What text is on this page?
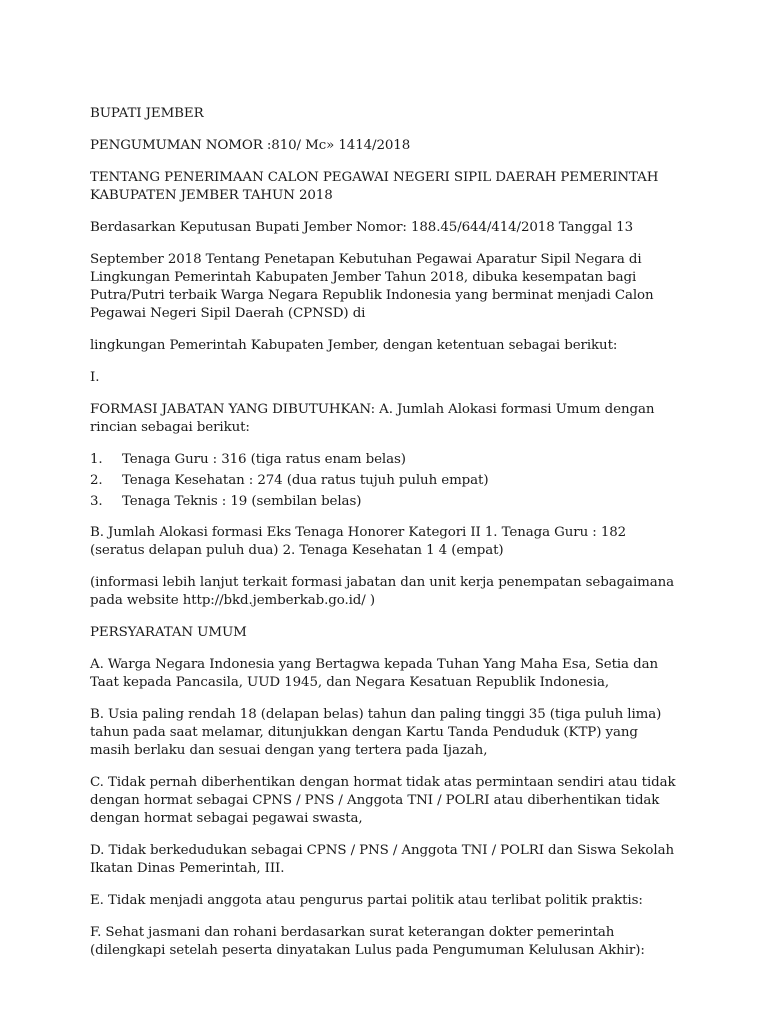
BUPATI JEMBER

PENGUMUMAN NOMOR :810/ Mc» 1414/2018

TENTANG PENERIMAAN CALON PEGAWAI NEGERI SIPIL DAERAH PEMERINTAH KABUPATEN JEMBER TAHUN 2018

Berdasarkan Keputusan Bupati Jember Nomor: 188.45/644/414/2018 Tanggal 13

September 2018 Tentang Penetapan Kebutuhan Pegawai Aparatur Sipil Negara di Lingkungan Pemerintah Kabupaten Jember Tahun 2018, dibuka kesempatan bagi Putra/Putri terbaik Warga Negara Republik Indonesia yang berminat menjadi Calon Pegawai Negeri Sipil Daerah (CPNSD) di

lingkungan Pemerintah Kabupaten Jember, dengan ketentuan sebagai berikut:

I.

FORMASI JABATAN YANG DIBUTUHKAN: A. Jumlah Alokasi formasi Umum dengan rincian sebagai berikut:

1.	Tenaga Guru : 316 (tiga ratus enam belas)
2.	Tenaga Kesehatan : 274 (dua ratus tujuh puluh empat)
3.	Tenaga Teknis : 19 (sembilan belas)

B. Jumlah Alokasi formasi Eks Tenaga Honorer Kategori II 1. Tenaga Guru : 182 (seratus delapan puluh dua) 2. Tenaga Kesehatan 1 4 (empat)

(informasi lebih lanjut terkait formasi jabatan dan unit kerja penempatan sebagaimana pada website http://bkd.jemberkab.go.id/ )

PERSYARATAN UMUM

A. Warga Negara Indonesia yang Bertagwa kepada Tuhan Yang Maha Esa, Setia dan Taat kepada Pancasila, UUD 1945, dan Negara Kesatuan Republik Indonesia,

B. Usia paling rendah 18 (delapan belas) tahun dan paling tinggi 35 (tiga puluh lima) tahun pada saat melamar, ditunjukkan dengan Kartu Tanda Penduduk (KTP) yang masih berlaku dan sesuai dengan yang tertera pada Ijazah,

C. Tidak pernah diberhentikan dengan hormat tidak atas permintaan sendiri atau tidak dengan hormat sebagai CPNS / PNS / Anggota TNI / POLRI atau diberhentikan tidak dengan hormat sebagai pegawai swasta,

D. Tidak berkedudukan sebagai CPNS / PNS / Anggota TNI / POLRI dan Siswa Sekolah Ikatan Dinas Pemerintah, III.

E. Tidak menjadi anggota atau pengurus partai politik atau terlibat politik praktis:

F. Sehat jasmani dan rohani berdasarkan surat keterangan dokter pemerintah (dilengkapi setelah peserta dinyatakan Lulus pada Pengumuman Kelulusan Akhir):
